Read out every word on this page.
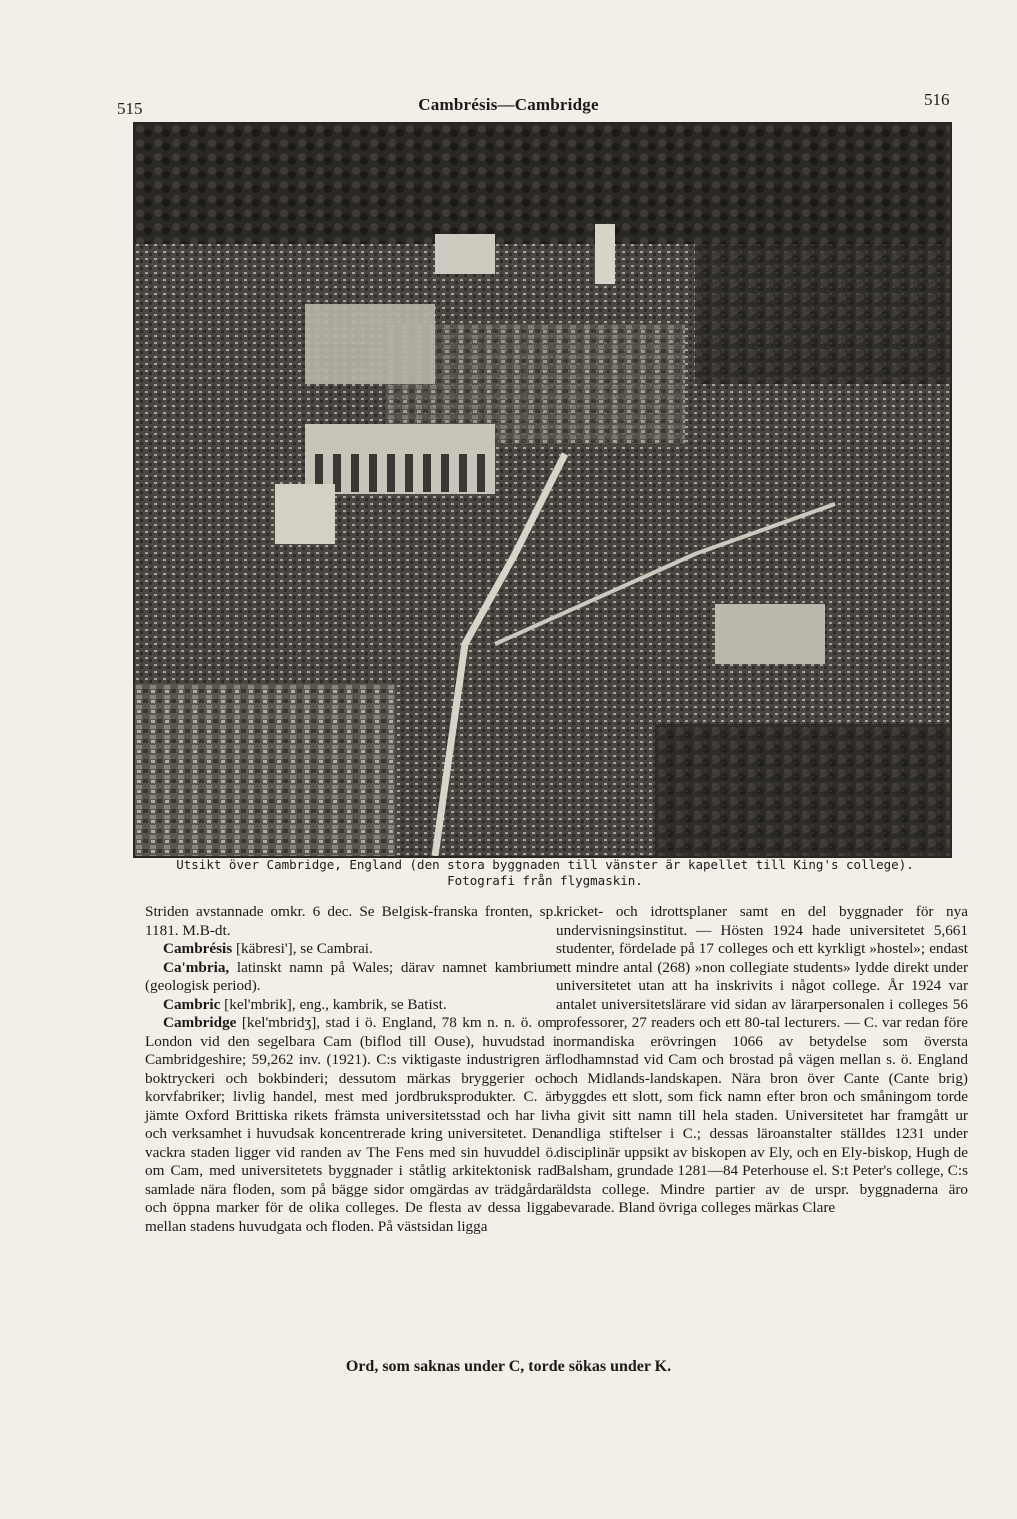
515	Cambrésis—Cambridge	516
Utsikt över Cambridge, England (den stora byggnaden till vänster är kapellet till King's college).
Fotografi från flygmaskin.

Striden avstannade omkr. 6 dec. Se Belgisk-franska fronten, sp. 1181. M.B-dt.

Cambrésis [käbresi'], se Cambrai.

Ca'mbria, latinskt namn på Wales; därav namnet kambrium (geologisk period).

Cambric [kel'mbrik], eng., kambrik, se Batist.

Cambridge [kel'mbridʒ], stad i ö. England, 78 km n. n. ö. om London vid den segelbara Cam (biflod till Ouse), huvudstad i Cambridgeshire; 59,262 inv. (1921). C:s viktigaste industrigren är boktryckeri och bokbinderi; dessutom märkas bryggerier och korvfabriker; livlig handel, mest med jordbruksprodukter. C. är jämte Oxford Brittiska rikets främsta universitetsstad och har liv och verksamhet i huvudsak koncentrerade kring universitetet. Den vackra staden ligger vid randen av The Fens med sin huvuddel ö. om Cam, med universitetets byggnader i ståtlig arkitektonisk rad samlade nära floden, som på bägge sidor omgärdas av trädgårdar och öppna marker för de olika colleges. De flesta av dessa ligga mellan stadens huvudgata och floden. På västsidan ligga

kricket- och idrottsplaner samt en del byggnader för nya undervisningsinstitut. — Hösten 1924 hade universitetet 5,661 studenter, fördelade på 17 colleges och ett kyrkligt »hostel»; endast ett mindre antal (268) »non collegiate students» lydde direkt under universitetet utan att ha inskrivits i något college. År 1924 var antalet universitetslärare vid sidan av lärarpersonalen i colleges 56 professorer, 27 readers och ett 80-tal lecturers. — C. var redan före normandiska erövringen 1066 av betydelse som översta flodhamnstad vid Cam och brostad på vägen mellan s. ö. England och Midlands-landskapen. Nära bron över Cante (Cante brig) byggdes ett slott, som fick namn efter bron och småningom torde ha givit sitt namn till hela staden. Universitetet har framgått ur andliga stiftelser i C.; dessas läroanstalter ställdes 1231 under disciplinär uppsikt av biskopen av Ely, och en Ely-biskop, Hugh de Balsham, grundade 1281—84 Peterhouse el. S:t Peter's college, C:s äldsta college. Mindre partier av de urspr. byggnaderna äro bevarade. Bland övriga colleges märkas Clare

Ord, som saknas under C, torde sökas under K.
